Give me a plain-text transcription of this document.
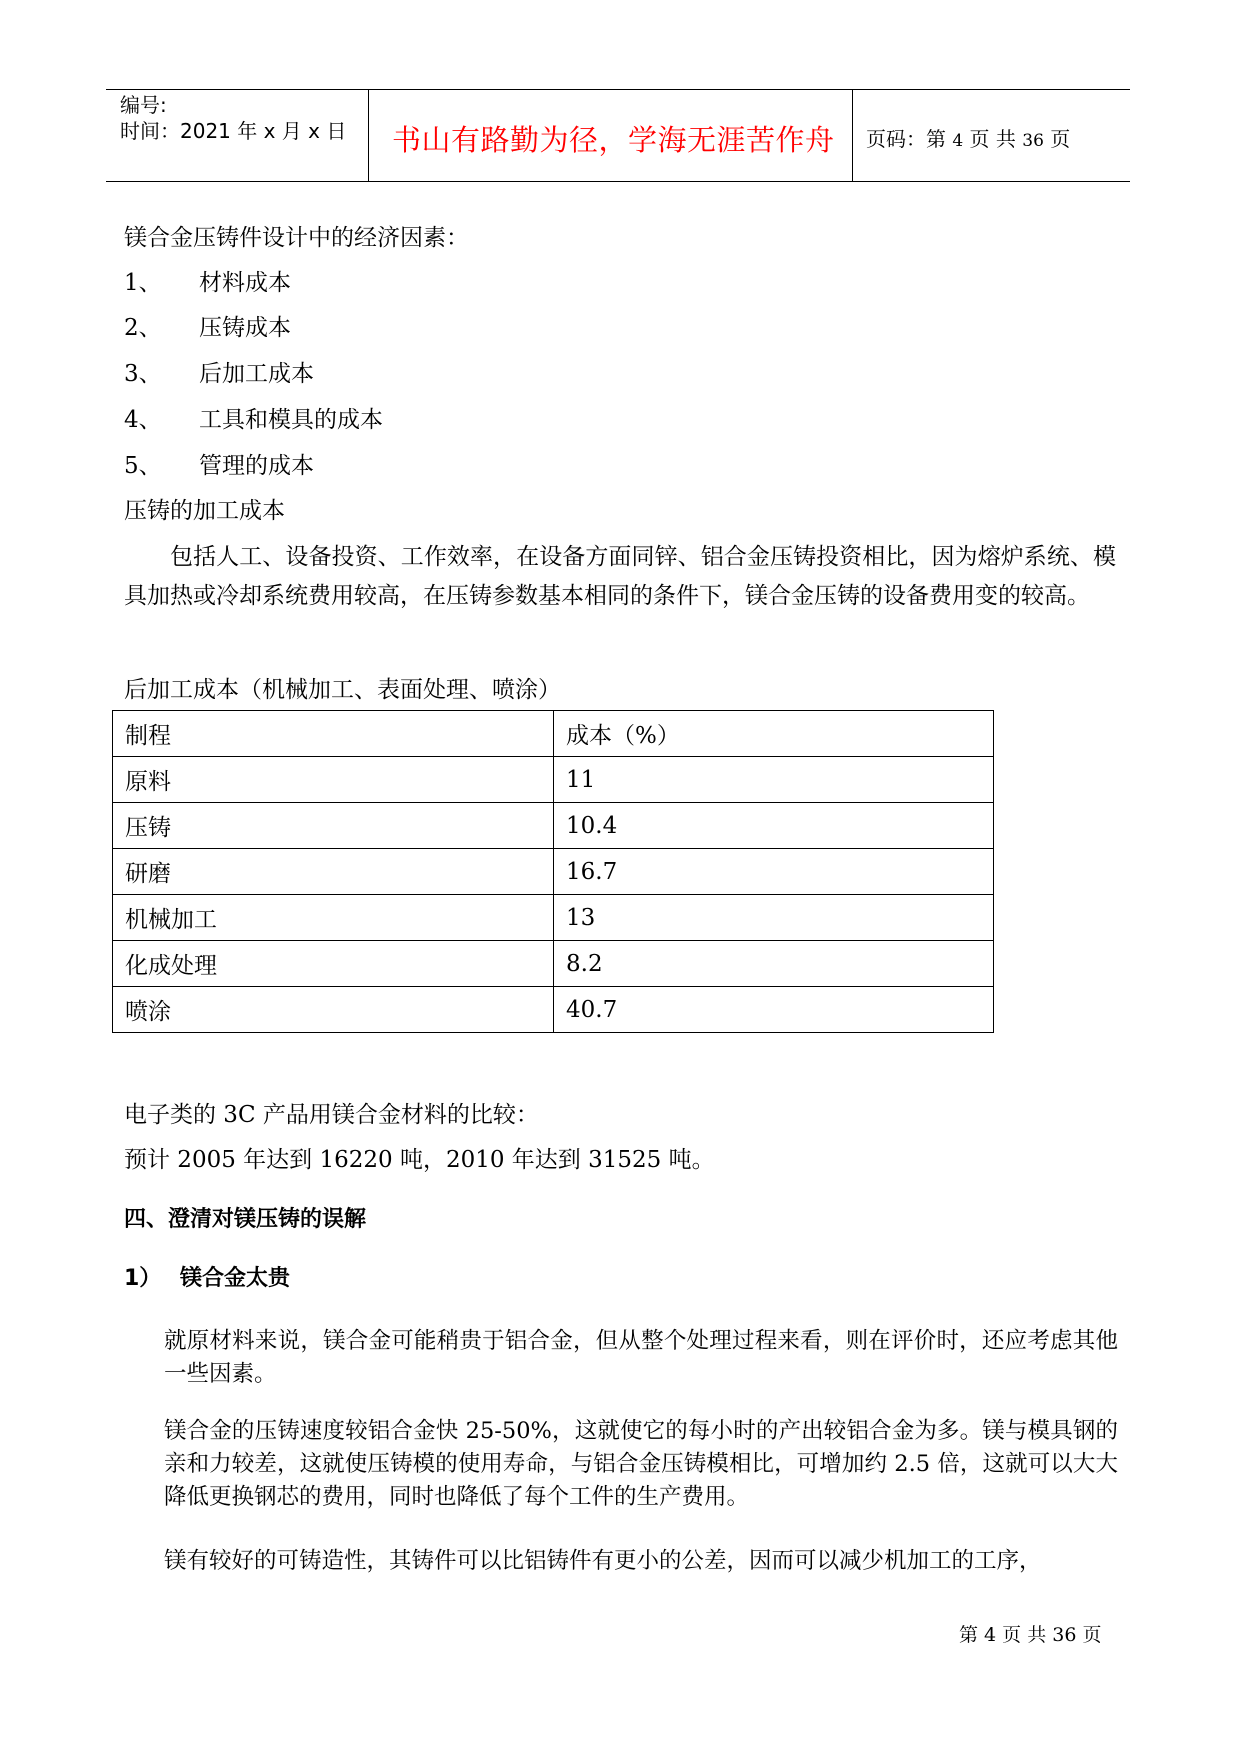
编号:
时间：2021 年 x 月 x 日 书山有路勤为径，学海无涯苦作舟 页码：第 4 页 共 36 页
镁合金压铸件设计中的经济因素：
1、 材料成本
2、 压铸成本
3、 后加工成本
4、 工具和模具的成本
5、 管理的成本
压铸的加工成本
包括人工、设备投资、工作效率，在设备方面同锌、铝合金压铸投资相比，因为熔炉系统、模具加热或冷却系统费用较高，在压铸参数基本相同的条件下，镁合金压铸的设备费用变的较高。
后加工成本（机械加工、表面处理、喷涂）
制程	成本（%）
原料	11
压铸	10.4
研磨	16.7
机械加工	13
化成处理	8.2
喷涂	40.7
电子类的 3C 产品用镁合金材料的比较：
预计 2005 年达到 16220 吨，2010 年达到 31525 吨。
四、澄清对镁压铸的误解
1） 镁合金太贵
就原材料来说，镁合金可能稍贵于铝合金，但从整个处理过程来看，则在评价时，还应考虑其他一些因素。
镁合金的压铸速度较铝合金快 25-50%，这就使它的每小时的产出较铝合金为多。镁与模具钢的亲和力较差，这就使压铸模的使用寿命，与铝合金压铸模相比，可增加约 2.5 倍，这就可以大大降低更换钢芯的费用，同时也降低了每个工件的生产费用。
镁有较好的可铸造性，其铸件可以比铝铸件有更小的公差，因而可以减少机加工的工序，
第 4 页 共 36 页
